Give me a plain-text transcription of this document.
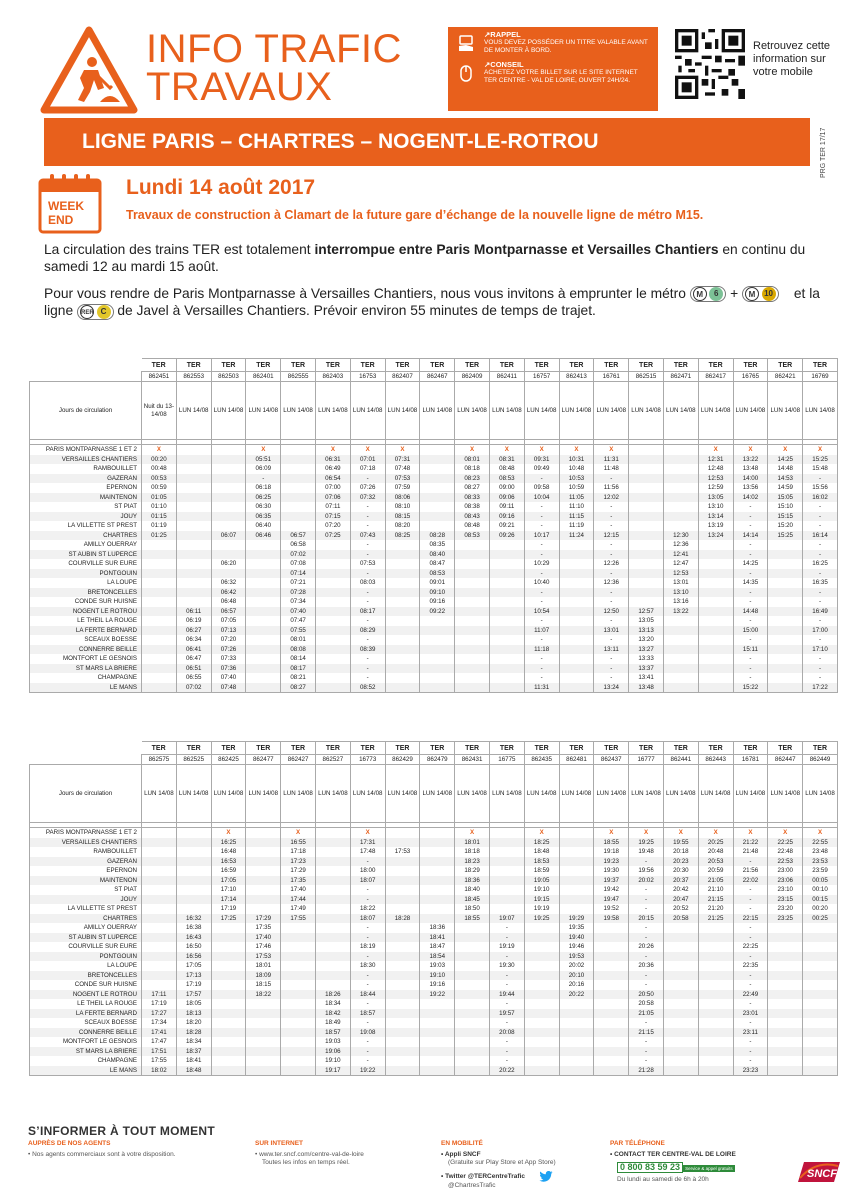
INFO TRAFIC
TRAVAUX
↗RAPPEL
VOUS DEVEZ POSSÉDER UN TITRE VALABLE AVANT DE MONTER À BORD.
↗CONSEIL
ACHETEZ VOTRE BILLET SUR LE SITE INTERNET TER CENTRE - VAL DE LOIRE, OUVERT 24H/24.
Retrouvez cette information sur votre mobile
PRG TER 17/17
LIGNE PARIS – CHARTRES – NOGENT-LE-ROTROU
WEEK
END
Lundi 14 août 2017
Travaux de construction à Clamart de la future gare d’échange de la nouvelle ligne de métro M15.
La circulation des trains TER est totalement interrompue entre Paris Montparnasse et Versailles Chantiers en continu du samedi 12 au mardi 15 août.
Pour vous rendre de Paris Montparnasse à Versailles Chantiers, nous vous invitons à emprunter le métro M 6 + M 10 et la ligne RER C de Javel à Versailles Chantiers. Prévoir environ 55 minutes de temps de trajet.
	TER	TER	TER	TER	TER	TER	TER	TER	TER	TER	TER	TER	TER	TER	TER	TER	TER	TER	TER	TER
	862451	862553	862503	862401	862555	862403	16753	862407	862467	862409	862411	16757	862413	16761	862515	862471	862417	16765	862421	16769
Jours de circulation	Nuit du 13-14/08	LUN 14/08	LUN 14/08	LUN 14/08	LUN 14/08	LUN 14/08	LUN 14/08	LUN 14/08	LUN 14/08	LUN 14/08	LUN 14/08	LUN 14/08	LUN 14/08	LUN 14/08	LUN 14/08	LUN 14/08	LUN 14/08	LUN 14/08	LUN 14/08	LUN 14/08

PARIS MONTPARNASSE 1 ET 2	X			X		X	X	X		X	X	X	X	X			X	X	X	X
VERSAILLES CHANTIERS	00:20			05:51		06:31	07:01	07:31		08:01	08:31	09:31	10:31	11:31			12:31	13:22	14:25	15:25
RAMBOUILLET	00:48			06:09		06:49	07:18	07:48		08:18	08:48	09:49	10:48	11:48			12:48	13:48	14:48	15:48
GAZERAN	00:53			-		06:54	-	07:53		08:23	08:53	-	10:53	-			12:53	14:00	14:53	-
EPERNON	00:59			06:18		07:00	07:26	07:59		08:27	09:00	09:58	10:59	11:56			12:59	13:56	14:59	15:56
MAINTENON	01:05			06:25		07:06	07:32	08:06		08:33	09:06	10:04	11:05	12:02			13:05	14:02	15:05	16:02
ST PIAT	01:10			06:30		07:11	-	08:10		08:38	09:11	-	11:10	-			13:10	-	15:10	-
JOUY	01:15			06:35		07:15	-	08:15		08:43	09:16	-	11:15	-			13:14	-	15:15	-
LA VILLETTE ST PREST	01:19			06:40		07:20	-	08:20		08:48	09:21	-	11:19	-			13:19	-	15:20	-
CHARTRES	01:25		06:07	06:46	06:57	07:25	07:43	08:25	08:28	08:53	09:26	10:17	11:24	12:15		12:30	13:24	14:14	15:25	16:14
AMILLY OUERRAY					06:58		-		08:35			-		-		12:36		-		-
ST AUBIN ST LUPERCE					07:02		-		08:40			-		-		12:41		-		-
COURVILLE SUR EURE			06:20		07:08		07:53		08:47			10:29		12:26		12:47		14:25		16:25
PONTGOUIN					07:14		-		08:53			-		-		12:53		-		-
LA LOUPE			06:32		07:21		08:03		09:01			10:40		12:36		13:01		14:35		16:35
BRETONCELLES			06:42		07:28		-		09:10			-		-		13:10		-		-
CONDE SUR HUISNE			06:48		07:34		-		09:16			-		-		13:16		-		-
NOGENT LE ROTROU		06:11	06:57		07:40		08:17		09:22			10:54		12:50	12:57	13:22		14:48		16:49
LE THEIL LA ROUGE		06:19	07:05		07:47		-					-		-	13:05			-		-
LA FERTE BERNARD		06:27	07:13		07:55		08:29					11:07		13:01	13:13			15:00		17:00
SCEAUX BOESSE		06:34	07:20		08:01		-					-		-	13:20			-		-
CONNERRE BEILLE		06:41	07:26		08:08		08:39					11:18		13:11	13:27			15:11		17:10
MONTFORT LE GESNOIS		06:47	07:33		08:14		-					-		-	13:33			-		-
ST MARS LA BRIERE		06:51	07:36		08:17		-					-		-	13:37			-		-
CHAMPAGNE		06:55	07:40		08:21		-					-		-	13:41			-		-
LE MANS		07:02	07:48		08:27		08:52					11:31		13:24	13:48			15:22		17:22
	TER	TER	TER	TER	TER	TER	TER	TER	TER	TER	TER	TER	TER	TER	TER	TER	TER	TER	TER	TER
	862575	862525	862425	862477	862427	862527	16773	862429	862479	862431	16775	862435	862481	862437	16777	862441	862443	16781	862447	862449
Jours de circulation	LUN 14/08	LUN 14/08	LUN 14/08	LUN 14/08	LUN 14/08	LUN 14/08	LUN 14/08	LUN 14/08	LUN 14/08	LUN 14/08	LUN 14/08	LUN 14/08	LUN 14/08	LUN 14/08	LUN 14/08	LUN 14/08	LUN 14/08	LUN 14/08	LUN 14/08	LUN 14/08

PARIS MONTPARNASSE 1 ET 2			X		X		X			X		X		X	X	X	X	X	X	X
VERSAILLES CHANTIERS			16:25		16:55		17:31			18:01		18:25		18:55	19:25	19:55	20:25	21:22	22:25	22:55
RAMBOUILLET			16:48		17:18		17:48	17:53		18:18		18:48		19:18	19:48	20:18	20:48	21:48	22:48	23:48
GAZERAN			16:53		17:23		-			18:23		18:53		19:23	-	20:23	20:53	-	22:53	23:53
EPERNON			16:59		17:29		18:00			18:29		18:59		19:30	19:56	20:30	20:59	21:56	23:00	23:59
MAINTENON			17:05		17:35		18:07			18:36		19:05		19:37	20:02	20:37	21:05	22:02	23:06	00:05
ST PIAT			17:10		17:40		-			18:40		19:10		19:42	-	20:42	21:10	-	23:10	00:10
JOUY			17:14		17:44		-			18:45		19:15		19:47	-	20:47	21:15	-	23:15	00:15
LA VILLETTE ST PREST			17:19		17:49		18:22			18:50		19:19		19:52	-	20:52	21:20	-	23:20	00:20
CHARTRES		16:32	17:25	17:29	17:55		18:07	18:28		18:55	19:07	19:25	19:29	19:58	20:15	20:58	21:25	22:15	23:25	00:25
AMILLY OUERRAY		16:38		17:35			-		18:36		-		19:35		-			-		
ST AUBIN ST LUPERCE		16:43		17:40			-		18:41		-		19:40		-			-		
COURVILLE SUR EURE		16:50		17:46			18:19		18:47		19:19		19:46		20:26			22:25		
PONTGOUIN		16:56		17:53			-		18:54		-		19:53		-			-		
LA LOUPE		17:05		18:01			18:30		19:03		19:30		20:02		20:36			22:35		
BRETONCELLES		17:13		18:09			-		19:10		-		20:10		-			-		
CONDE SUR HUISNE		17:19		18:15			-		19:16		-		20:16		-			-		
NOGENT LE ROTROU	17:11	17:57		18:22		18:26	18:44		19:22		19:44		20:22		20:50			22:49		
LE THEIL LA ROUGE	17:19	18:05				18:34	-				-				20:58			-		
LA FERTE BERNARD	17:27	18:13				18:42	18:57				19:57				21:05			23:01		
SCEAUX BOESSE	17:34	18:20				18:49	-				-				-			-		
CONNERRE BEILLE	17:41	18:28				18:57	19:08				20:08				21:15			23:11		
MONTFORT LE GESNOIS	17:47	18:34				19:03	-				-				-			-		
ST MARS LA BRIERE	17:51	18:37				19:06	-				-				-			-		
CHAMPAGNE	17:55	18:41				19:10	-				-				-			-		
LE MANS	18:02	18:48				19:17	19:22				20:22				21:28			23:23		
S’INFORMER À TOUT MOMENT
AUPRÈS DE NOS AGENTS
• Nos agents commerciaux sont à votre disposition.
SUR INTERNET
• www.ter.sncf.com/centre-val-de-loire
Toutes les infos en temps réel.
EN MOBILITÉ
• Appli SNCF
(Gratuite sur Play Store et App Store)
• Twitter @TERCentreTrafic
@ChartresTrafic
PAR TÉLÉPHONE
• CONTACT TER CENTRE-VAL DE LOIRE
0 800 83 59 23 Service & appel gratuits
Du lundi au samedi de 6h à 20h	SNCF
